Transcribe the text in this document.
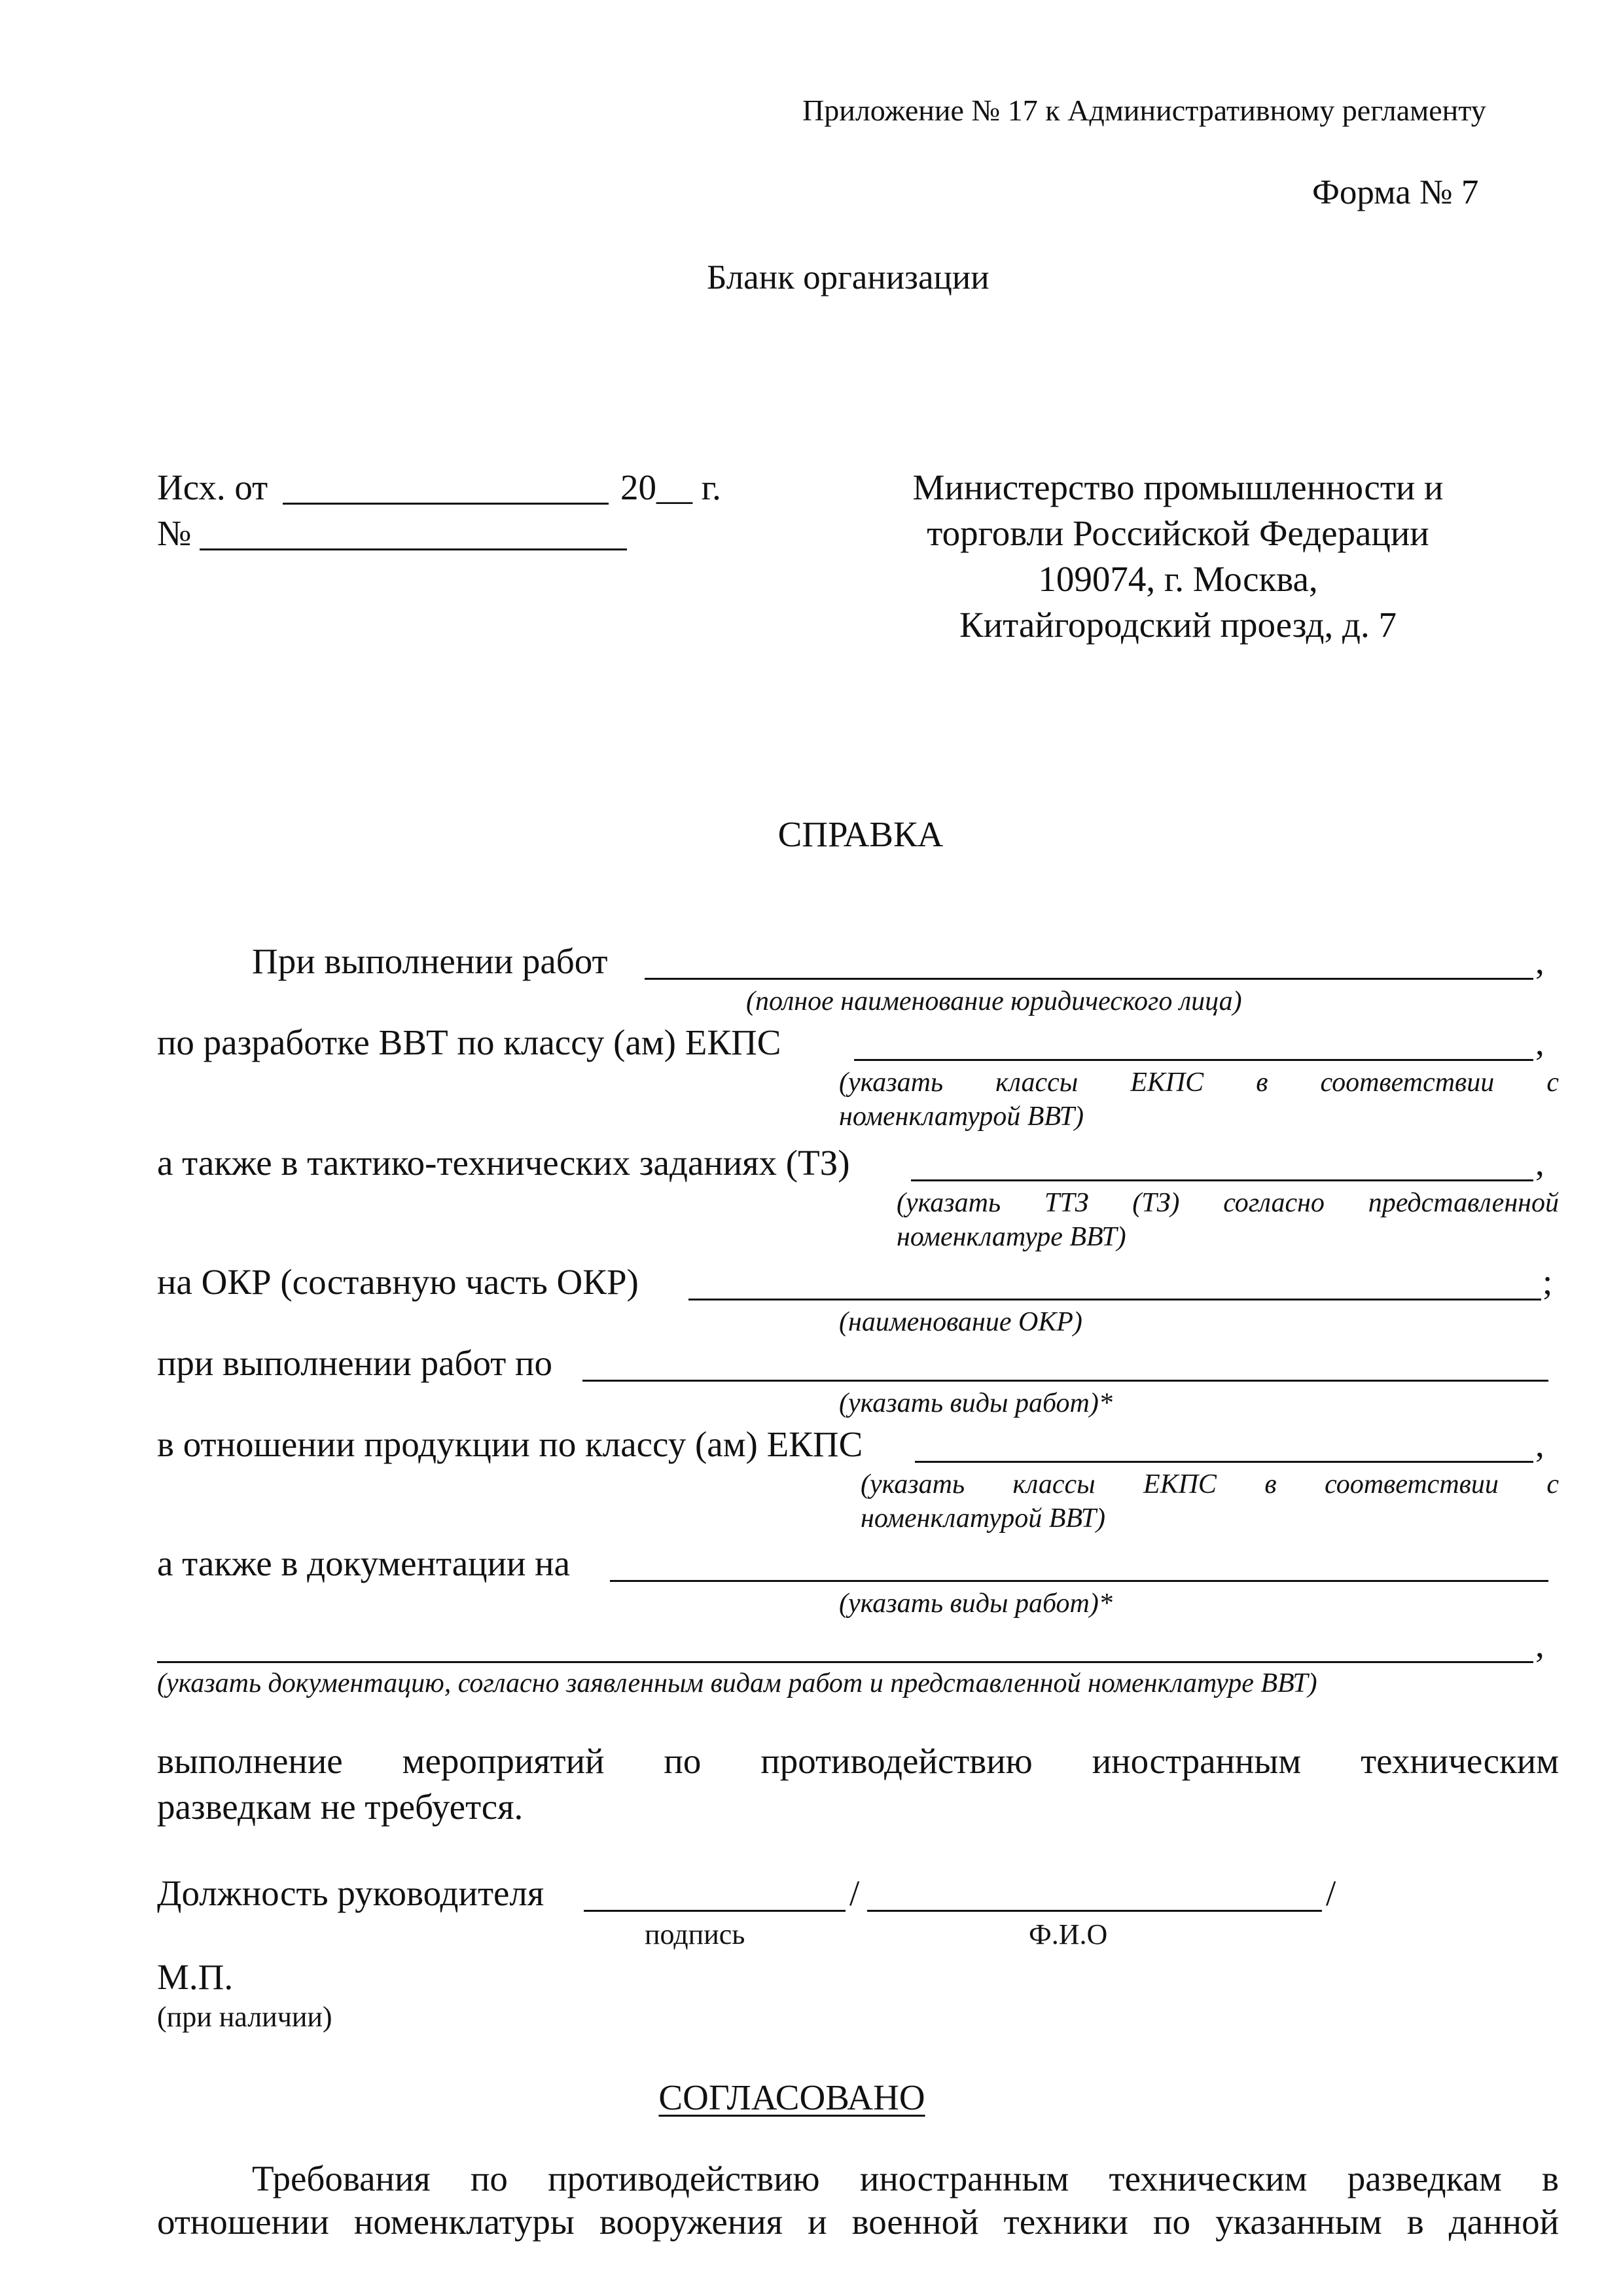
Приложение № 17 к Административному регламенту
Форма № 7
Бланк организации
Исх. от	20__ г.
№
Министерство промышленности и
торговли Российской Федерации
109074, г. Москва,
Китайгородский проезд, д. 7
СПРАВКА
При выполнении работ	,
(полное наименование юридического лица)
по разработке ВВТ по классу (ам) ЕКПС	,
(указать классы ЕКПС в соответствии с
номенклатурой ВВТ)
а также в тактико-технических заданиях (ТЗ)	,
(указать ТТЗ (ТЗ) согласно представленной
номенклатуре ВВТ)
на ОКР (составную часть ОКР)	;
(наименование ОКР)
при выполнении работ по
(указать виды работ)*
в отношении продукции по классу (ам) ЕКПС	,
(указать классы ЕКПС в соответствии с
номенклатурой ВВТ)
а также в документации на
(указать виды работ)*
,
(указать документацию, согласно заявленным видам работ и представленной номенклатуре ВВТ)
выполнение мероприятий по противодействию иностранным техническим
разведкам не требуется.
Должность руководителя	/	/
подпись	Ф.И.О
М.П.
(при наличии)
СОГЛАСОВАНО
Требования по противодействию иностранным техническим разведкам в
отношении номенклатуры вооружения и военной техники по указанным в данной
